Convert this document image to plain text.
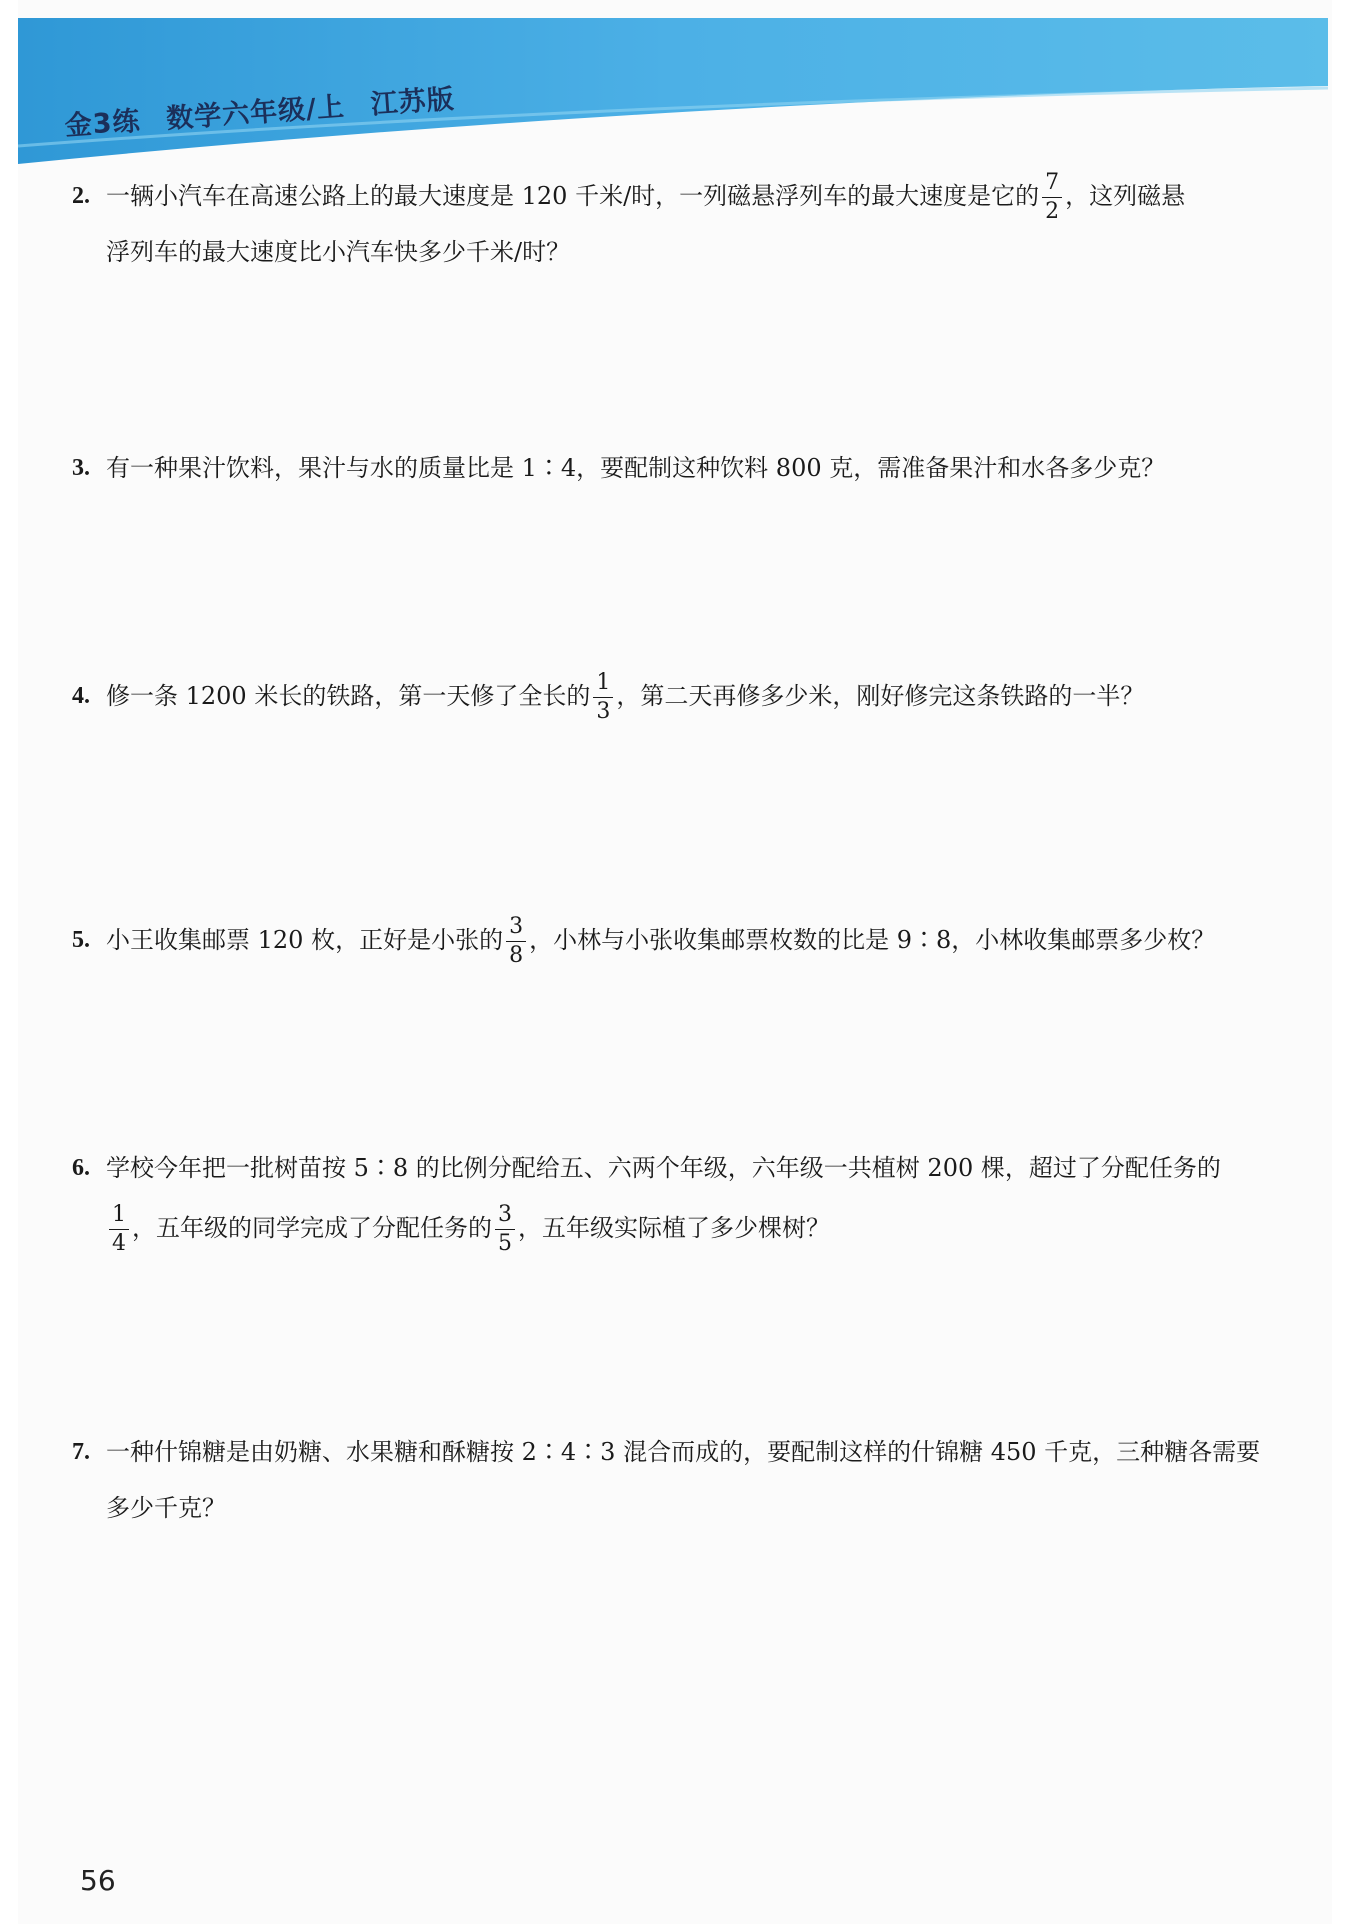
金3练 数学六年级/上 江苏版
2. 一辆小汽车在高速公路上的最大速度是 120 千米/时，一列磁悬浮列车的最大速度是它的 $\frac{7}{2}$ ，这列磁悬
浮列车的最大速度比小汽车快多少千米/时？
3. 有一种果汁饮料，果汁与水的质量比是 1∶4，要配制这种饮料 800 克，需准备果汁和水各多少克？
4. 修一条 1200 米长的铁路，第一天修了全长的 $\frac{1}{3}$ ，第二天再修多少米，刚好修完这条铁路的一半？
5. 小王收集邮票 120 枚，正好是小张的 $\frac{3}{8}$ ，小林与小张收集邮票枚数的比是 9∶8，小林收集邮票多少枚？
6. 学校今年把一批树苗按 5∶8 的比例分配给五、六两个年级，六年级一共植树 200 棵，超过了分配任务的
$\frac{1}{4}$ ，五年级的同学完成了分配任务的 $\frac{3}{5}$ ，五年级实际植了多少棵树？
7. 一种什锦糖是由奶糖、水果糖和酥糖按 2∶4∶3 混合而成的，要配制这样的什锦糖 450 千克，三种糖各需要
多少千克？
56
